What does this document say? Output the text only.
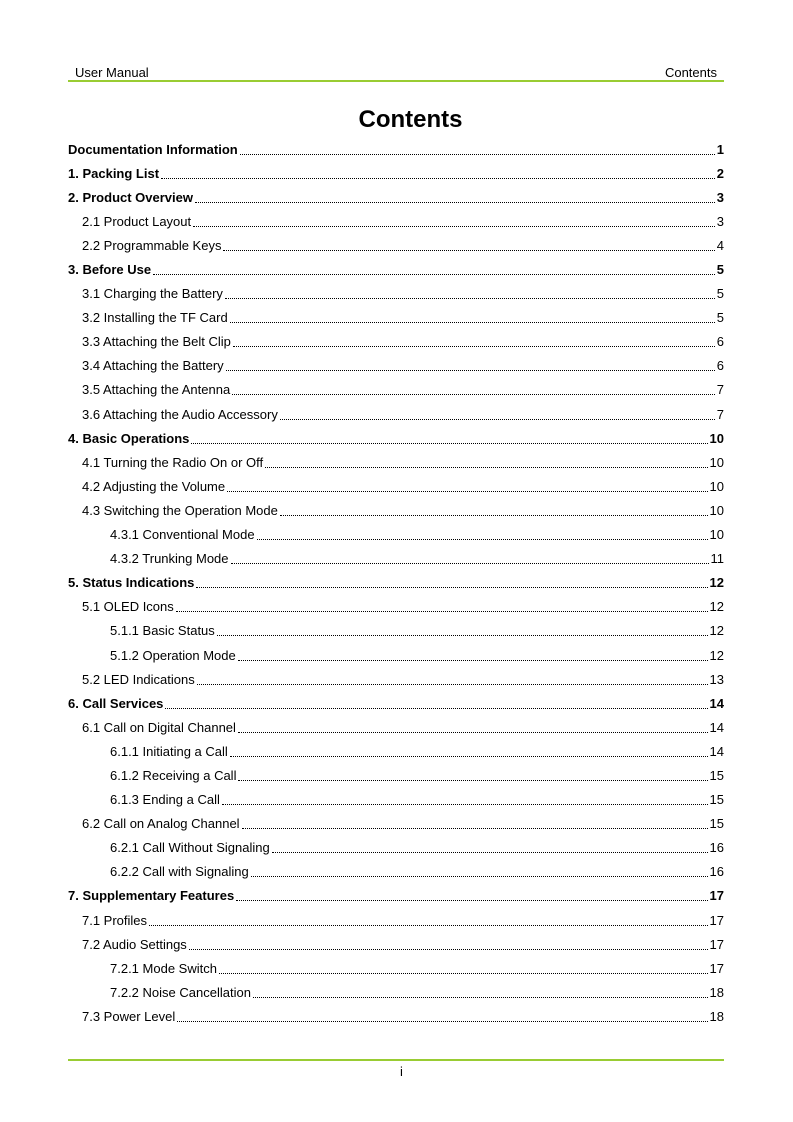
User Manual	Contents
Contents
Documentation Information	1
1. Packing List	2
2. Product Overview	3
2.1 Product Layout	3
2.2 Programmable Keys	4
3. Before Use	5
3.1 Charging the Battery	5
3.2 Installing the TF Card	5
3.3 Attaching the Belt Clip	6
3.4 Attaching the Battery	6
3.5 Attaching the Antenna	7
3.6 Attaching the Audio Accessory	7
4. Basic Operations	10
4.1 Turning the Radio On or Off	10
4.2 Adjusting the Volume	10
4.3 Switching the Operation Mode	10
4.3.1 Conventional Mode	10
4.3.2 Trunking Mode	11
5. Status Indications	12
5.1 OLED Icons	12
5.1.1 Basic Status	12
5.1.2 Operation Mode	12
5.2 LED Indications	13
6. Call Services	14
6.1 Call on Digital Channel	14
6.1.1 Initiating a Call	14
6.1.2 Receiving a Call	15
6.1.3 Ending a Call	15
6.2 Call on Analog Channel	15
6.2.1 Call Without Signaling	16
6.2.2 Call with Signaling	16
7. Supplementary Features	17
7.1 Profiles	17
7.2 Audio Settings	17
7.2.1 Mode Switch	17
7.2.2 Noise Cancellation	18
7.3 Power Level	18
i
